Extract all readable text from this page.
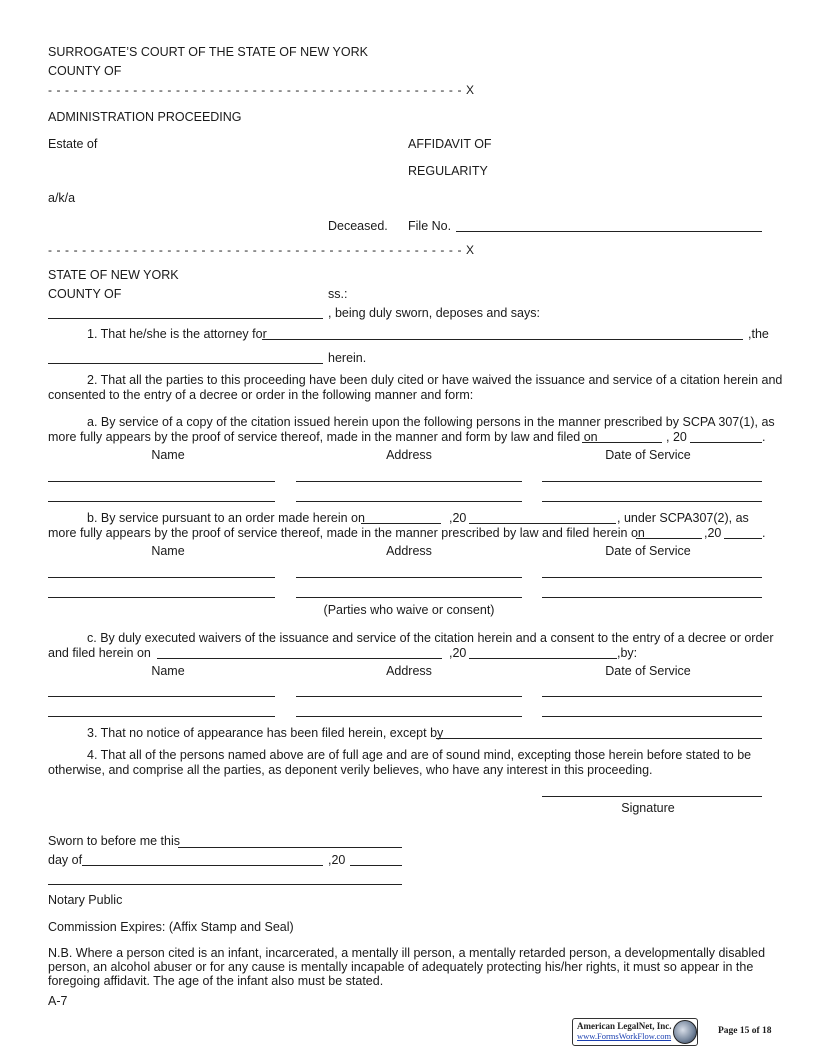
SURROGATE’S COURT OF THE STATE OF NEW YORK
COUNTY OF
- - - - - - - - - - - - - - - - - - - - - - - - - - - - - - - - - - - - - - - - - - - - - - - - - X
ADMINISTRATION PROCEEDING
Estate of	AFFIDAVIT OF
REGULARITY
a/k/a
Deceased. File No.
- - - - - - - - - - - - - - - - - - - - - - - - - - - - - - - - - - - - - - - - - - - - - - - - - X
STATE OF NEW YORK
COUNTY OF	ss.:
, being duly sworn, deposes and says:
1. That he/she is the attorney for	,the
herein.
2. That all the parties to this proceeding have been duly cited or have waived the issuance and service of a citation herein and
consented to the entry of a decree or order in the following manner and form:
a. By service of a copy of the citation issued herein upon the following persons in the manner prescribed by SCPA 307(1), as
more fully appears by the proof of service thereof, made in the manner and form by law and filed on	, 20	.
Name	Address	Date of Service
b. By service pursuant to an order made herein on	,20	, under SCPA307(2), as
more fully appears by the proof of service thereof, made in the manner prescribed by law and filed herein on	,20	.
Name	Address	Date of Service
(Parties who waive or consent)
c. By duly executed waivers of the issuance and service of the citation herein and a consent to the entry of a decree or order
and filed herein on	,20	,by:
Name	Address	Date of Service
3. That no notice of appearance has been filed herein, except by
4. That all of the persons named above are of full age and are of sound mind, excepting those herein before stated to be
otherwise, and comprise all the parties, as deponent verily believes, who have any interest in this proceeding.
Signature
Sworn to before me this
day of	,20
Notary Public
Commission Expires: (Affix Stamp and Seal)
N.B. Where a person cited is an infant, incarcerated, a mentally ill person, a mentally retarded person, a developmentally disabled
person, an alcohol abuser or for any cause is mentally incapable of adequately protecting his/her rights, it must so appear in the
foregoing affidavit. The age of the infant also must be stated.
A-7
American LegalNet, Inc.
www.FormsWorkFlow.com	Page 15 of 18
